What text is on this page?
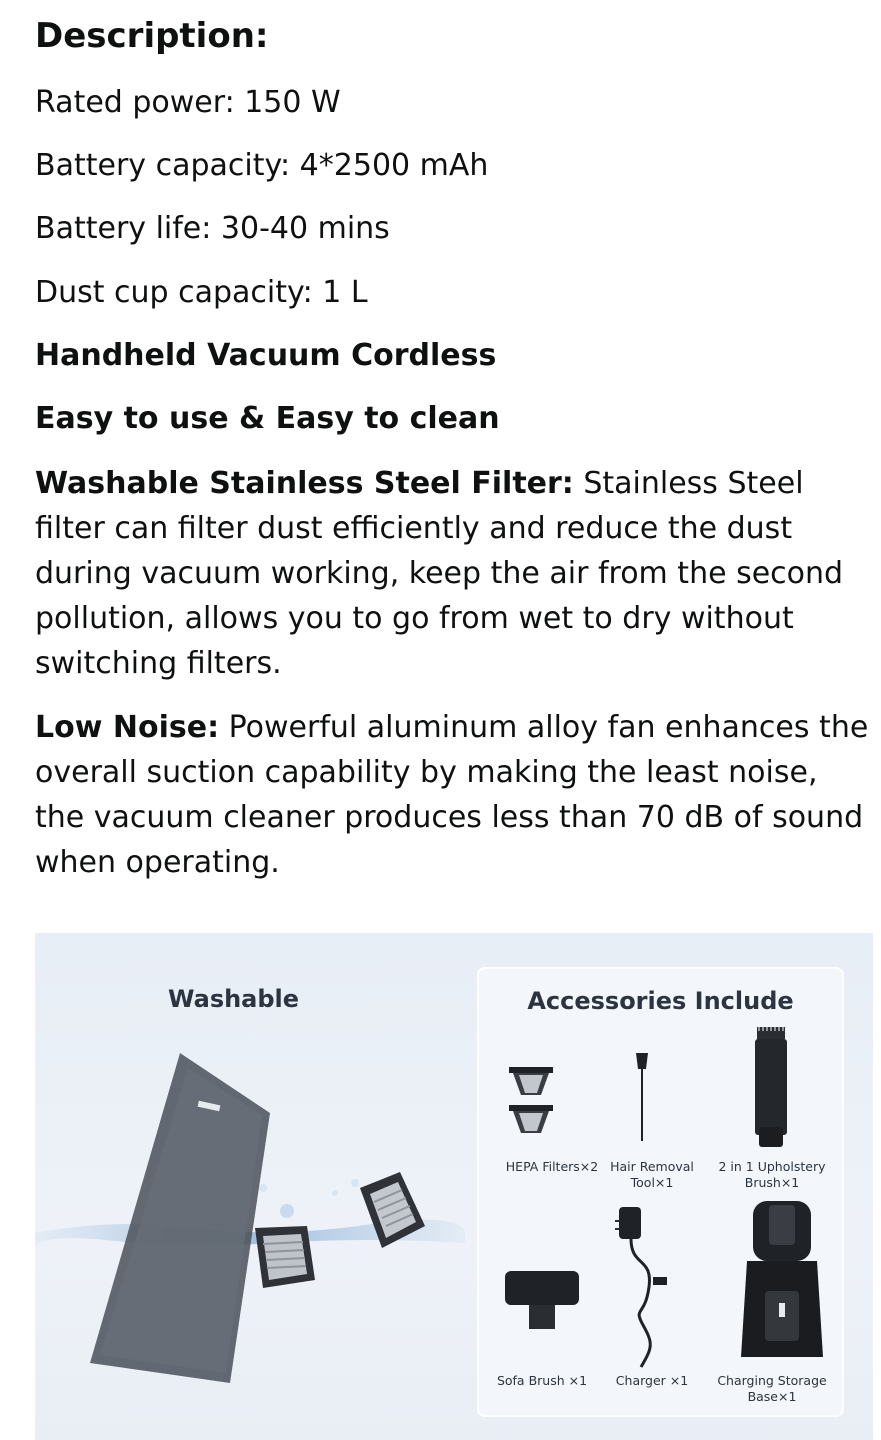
Description:
Rated power: 150 W
Battery capacity: 4*2500 mAh
Battery life: 30-40 mins
Dust cup capacity: 1 L
Handheld Vacuum Cordless
Easy to use & Easy to clean
Washable Stainless Steel Filter: Stainless Steel filter can filter dust efficiently and reduce the dust during vacuum working, keep the air from the second pollution, allows you to go from wet to dry without switching filters.
Low Noise: Powerful aluminum alloy fan enhances the overall suction capability by making the least noise, the vacuum cleaner produces less than 70 dB of sound when operating.
Washable	Accessories Include
HEPA Filters×2 Hair Removal
Tool×1
2 in 1 Upholstery
Brush×1
Sofa Brush ×1	Charger ×1	Charging Storage
Base×1
